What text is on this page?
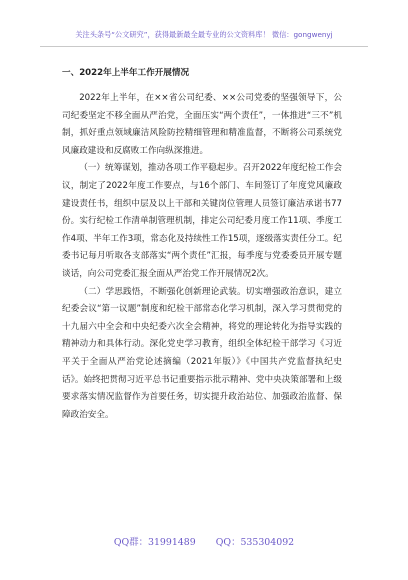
关注头条号“公文研究”，获得最新最全最专业的公文资料库！ 微信：gongwenyj
一、2022年上半年工作开展情况

2022年上半年，在××省公司纪委、××公司党委的坚强领导下，公司纪委坚定不移全面从严治党，全面压实“两个责任”，一体推进“三不”机制，抓好重点领域廉洁风险防控精细管理和精准监督，不断将公司系统党风廉政建设和反腐败工作向纵深推进。

（一）统筹谋划，推动各项工作平稳起步。召开2022年度纪检工作会议，制定了2022年度工作要点，与16个部门、车间签订了年度党风廉政建设责任书，组织中层及以上干部和关键岗位管理人员签订廉洁承诺书77份。实行纪检工作清单制管理机制，排定公司纪委月度工作11项、季度工作4项、半年工作3项，常态化及持续性工作15项，逐级落实责任分工。纪委书记每月听取各支部落实“两个责任”汇报，每季度与党委委员开展专题谈话，向公司党委汇报全面从严治党工作开展情况2次。

（二）学思践悟，不断强化创新理论武装。切实增强政治意识，建立纪委会议“第一议题”制度和纪检干部常态化学习机制，深入学习贯彻党的十九届六中全会和中央纪委六次全会精神，将党的理论转化为指导实践的精神动力和具体行动。深化党史学习教育，组织全体纪检干部学习《习近平关于全面从严治党论述摘编（2021年版）》《中国共产党监督执纪史话》。始终把贯彻习近平总书记重要指示批示精神、党中央决策部署和上级要求落实情况监督作为首要任务，切实提升政治站位、加强政治监督、保障政治安全。

QQ群：31991489 QQ：535304092
